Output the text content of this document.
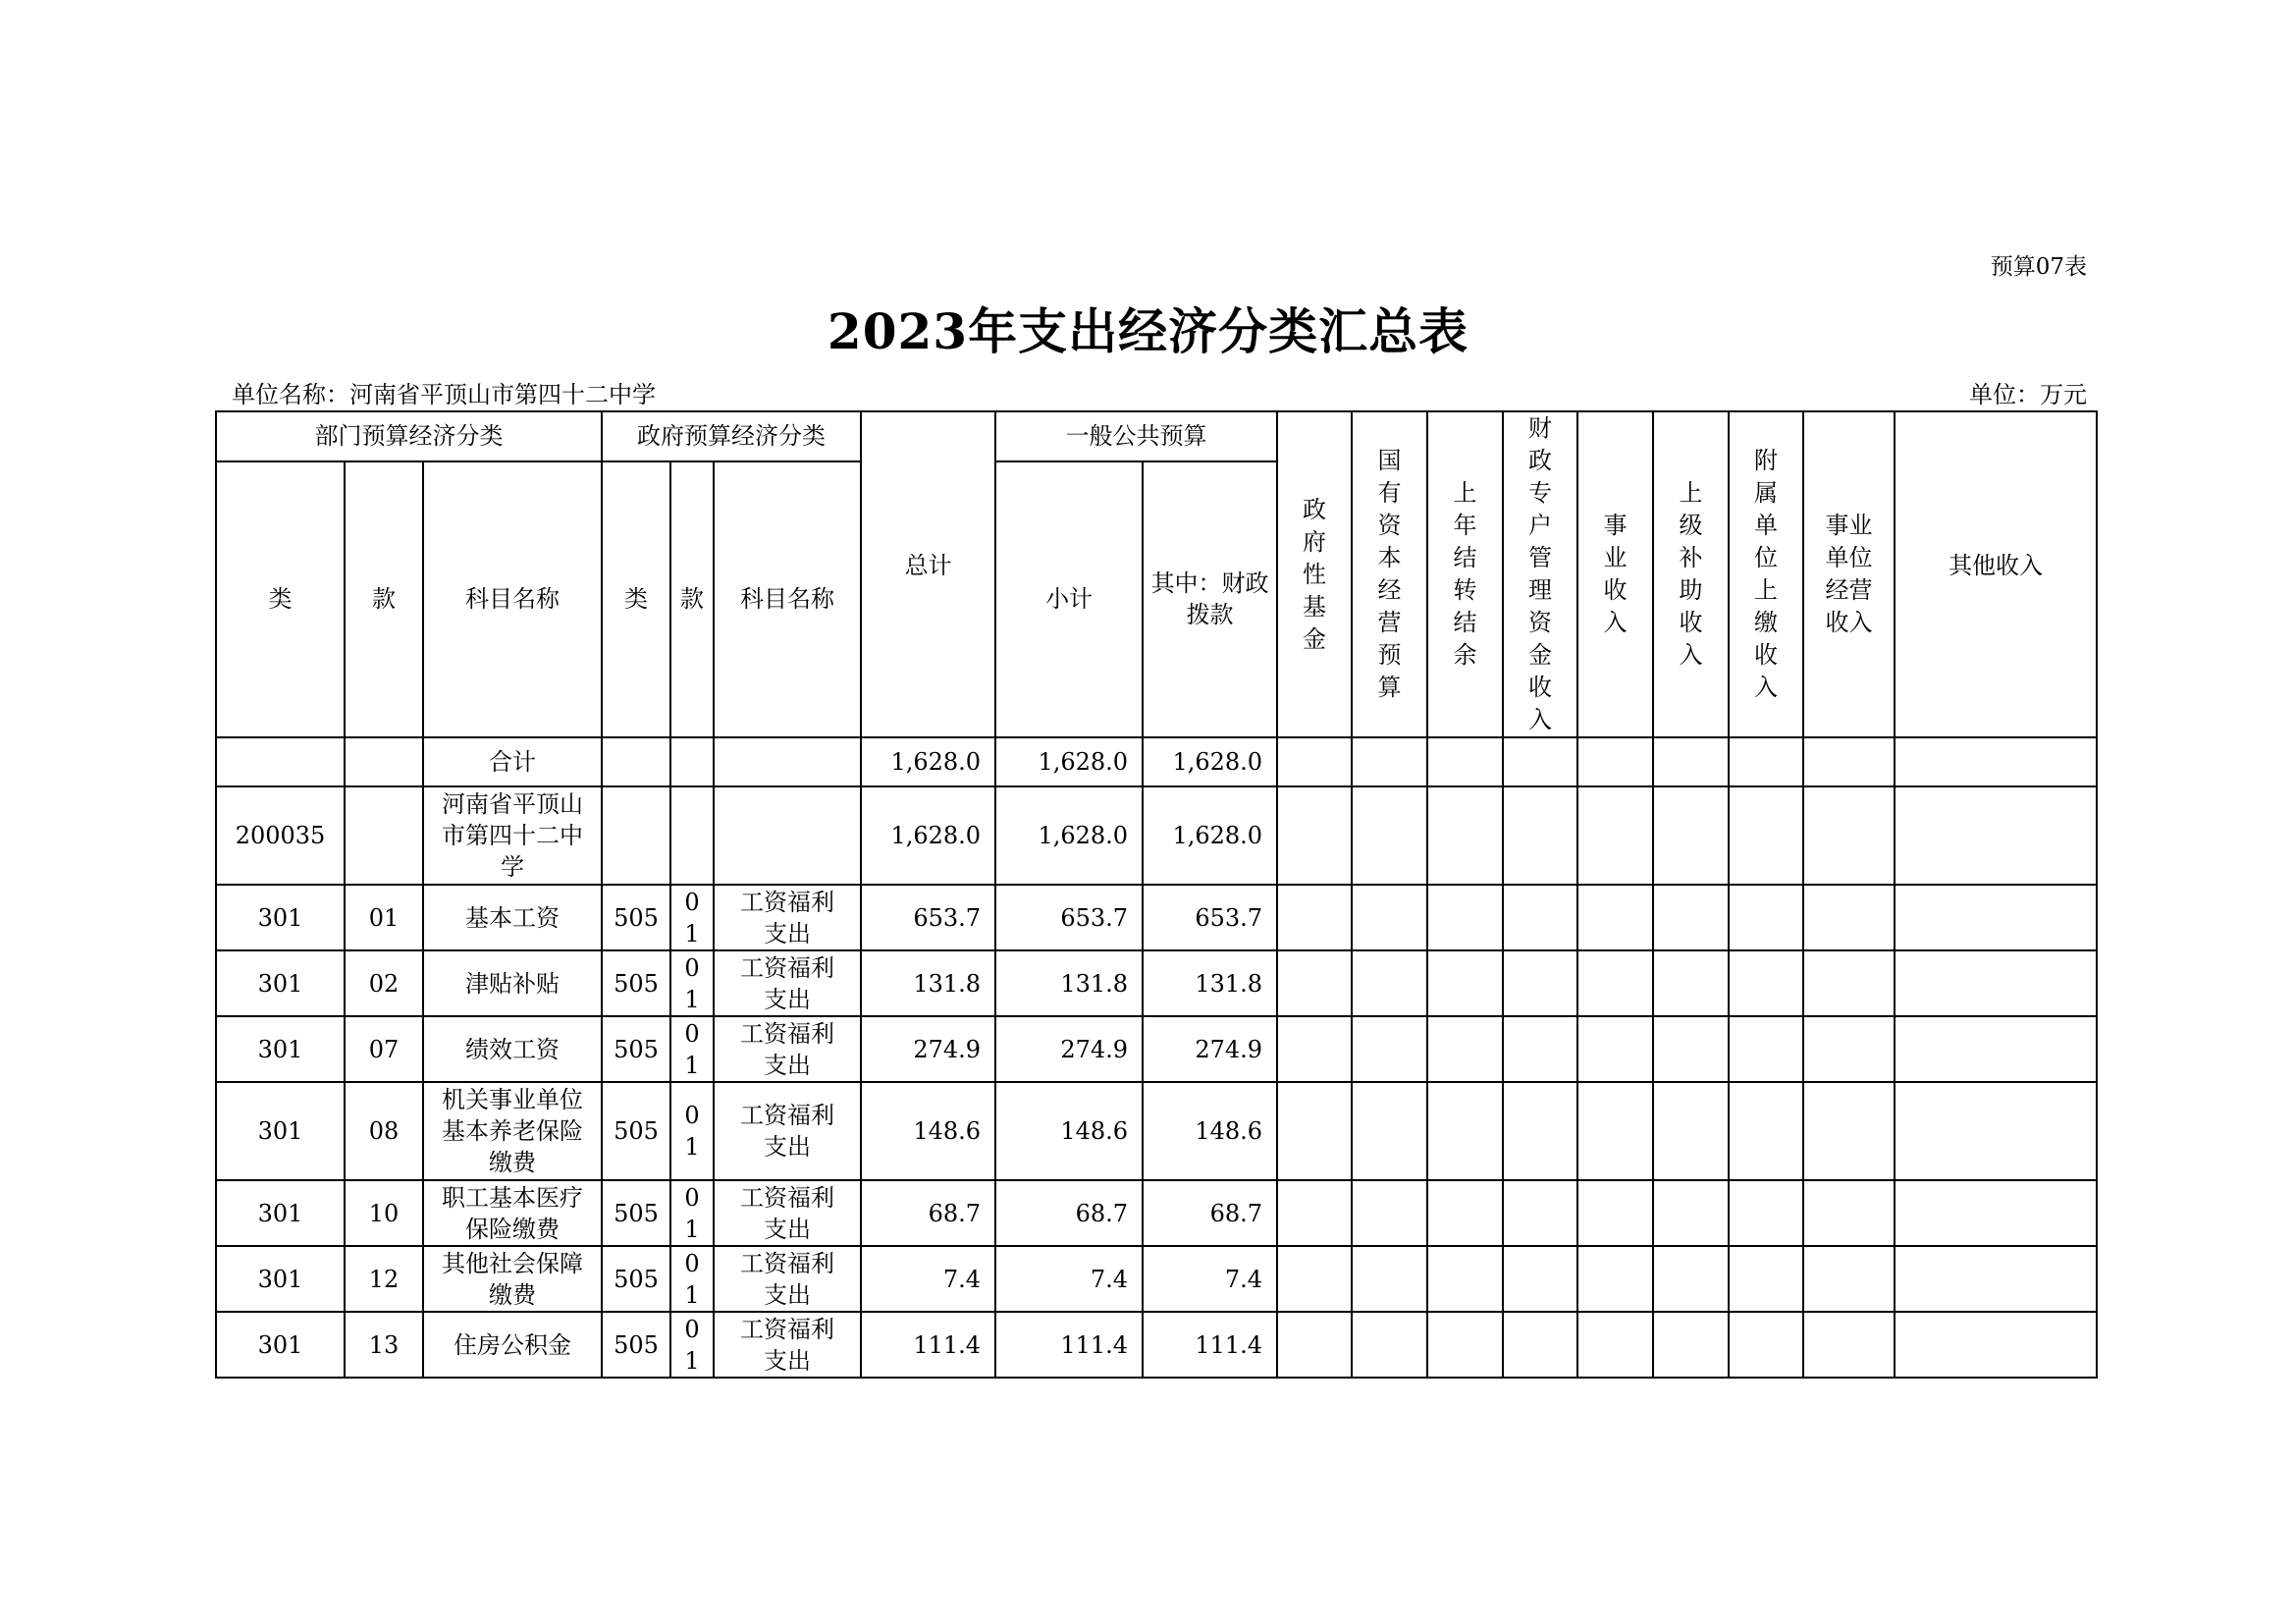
预算07表
2023年支出经济分类汇总表
单位名称：河南省平顶山市第四十二中学	单位：万元
部门预算经济分类			政府预算经济分类			总计	一般公共预算		政府性基金	国有资本经营预算	上年结转结余	财政专户管理资金收入	事业收入	上级补助收入	附属单位上缴收入	事业单位经营收入	其他收入
类	款	科目名称	类	款	科目名称		小计	其中：财政拨款									
		合计				1,628.0	1,628.0	1,628.0									
200035		河南省平顶山市第四十二中学				1,628.0	1,628.0	1,628.0									
301	01	基本工资	505	01	工资福利支出	653.7	653.7	653.7									
301	02	津贴补贴	505	01	工资福利支出	131.8	131.8	131.8									
301	07	绩效工资	505	01	工资福利支出	274.9	274.9	274.9									
301	08	机关事业单位基本养老保险缴费	505	01	工资福利支出	148.6	148.6	148.6									
301	10	职工基本医疗保险缴费	505	01	工资福利支出	68.7	68.7	68.7									
301	12	其他社会保障缴费	505	01	工资福利支出	7.4	7.4	7.4									
301	13	住房公积金	505	01	工资福利支出	111.4	111.4	111.4									
